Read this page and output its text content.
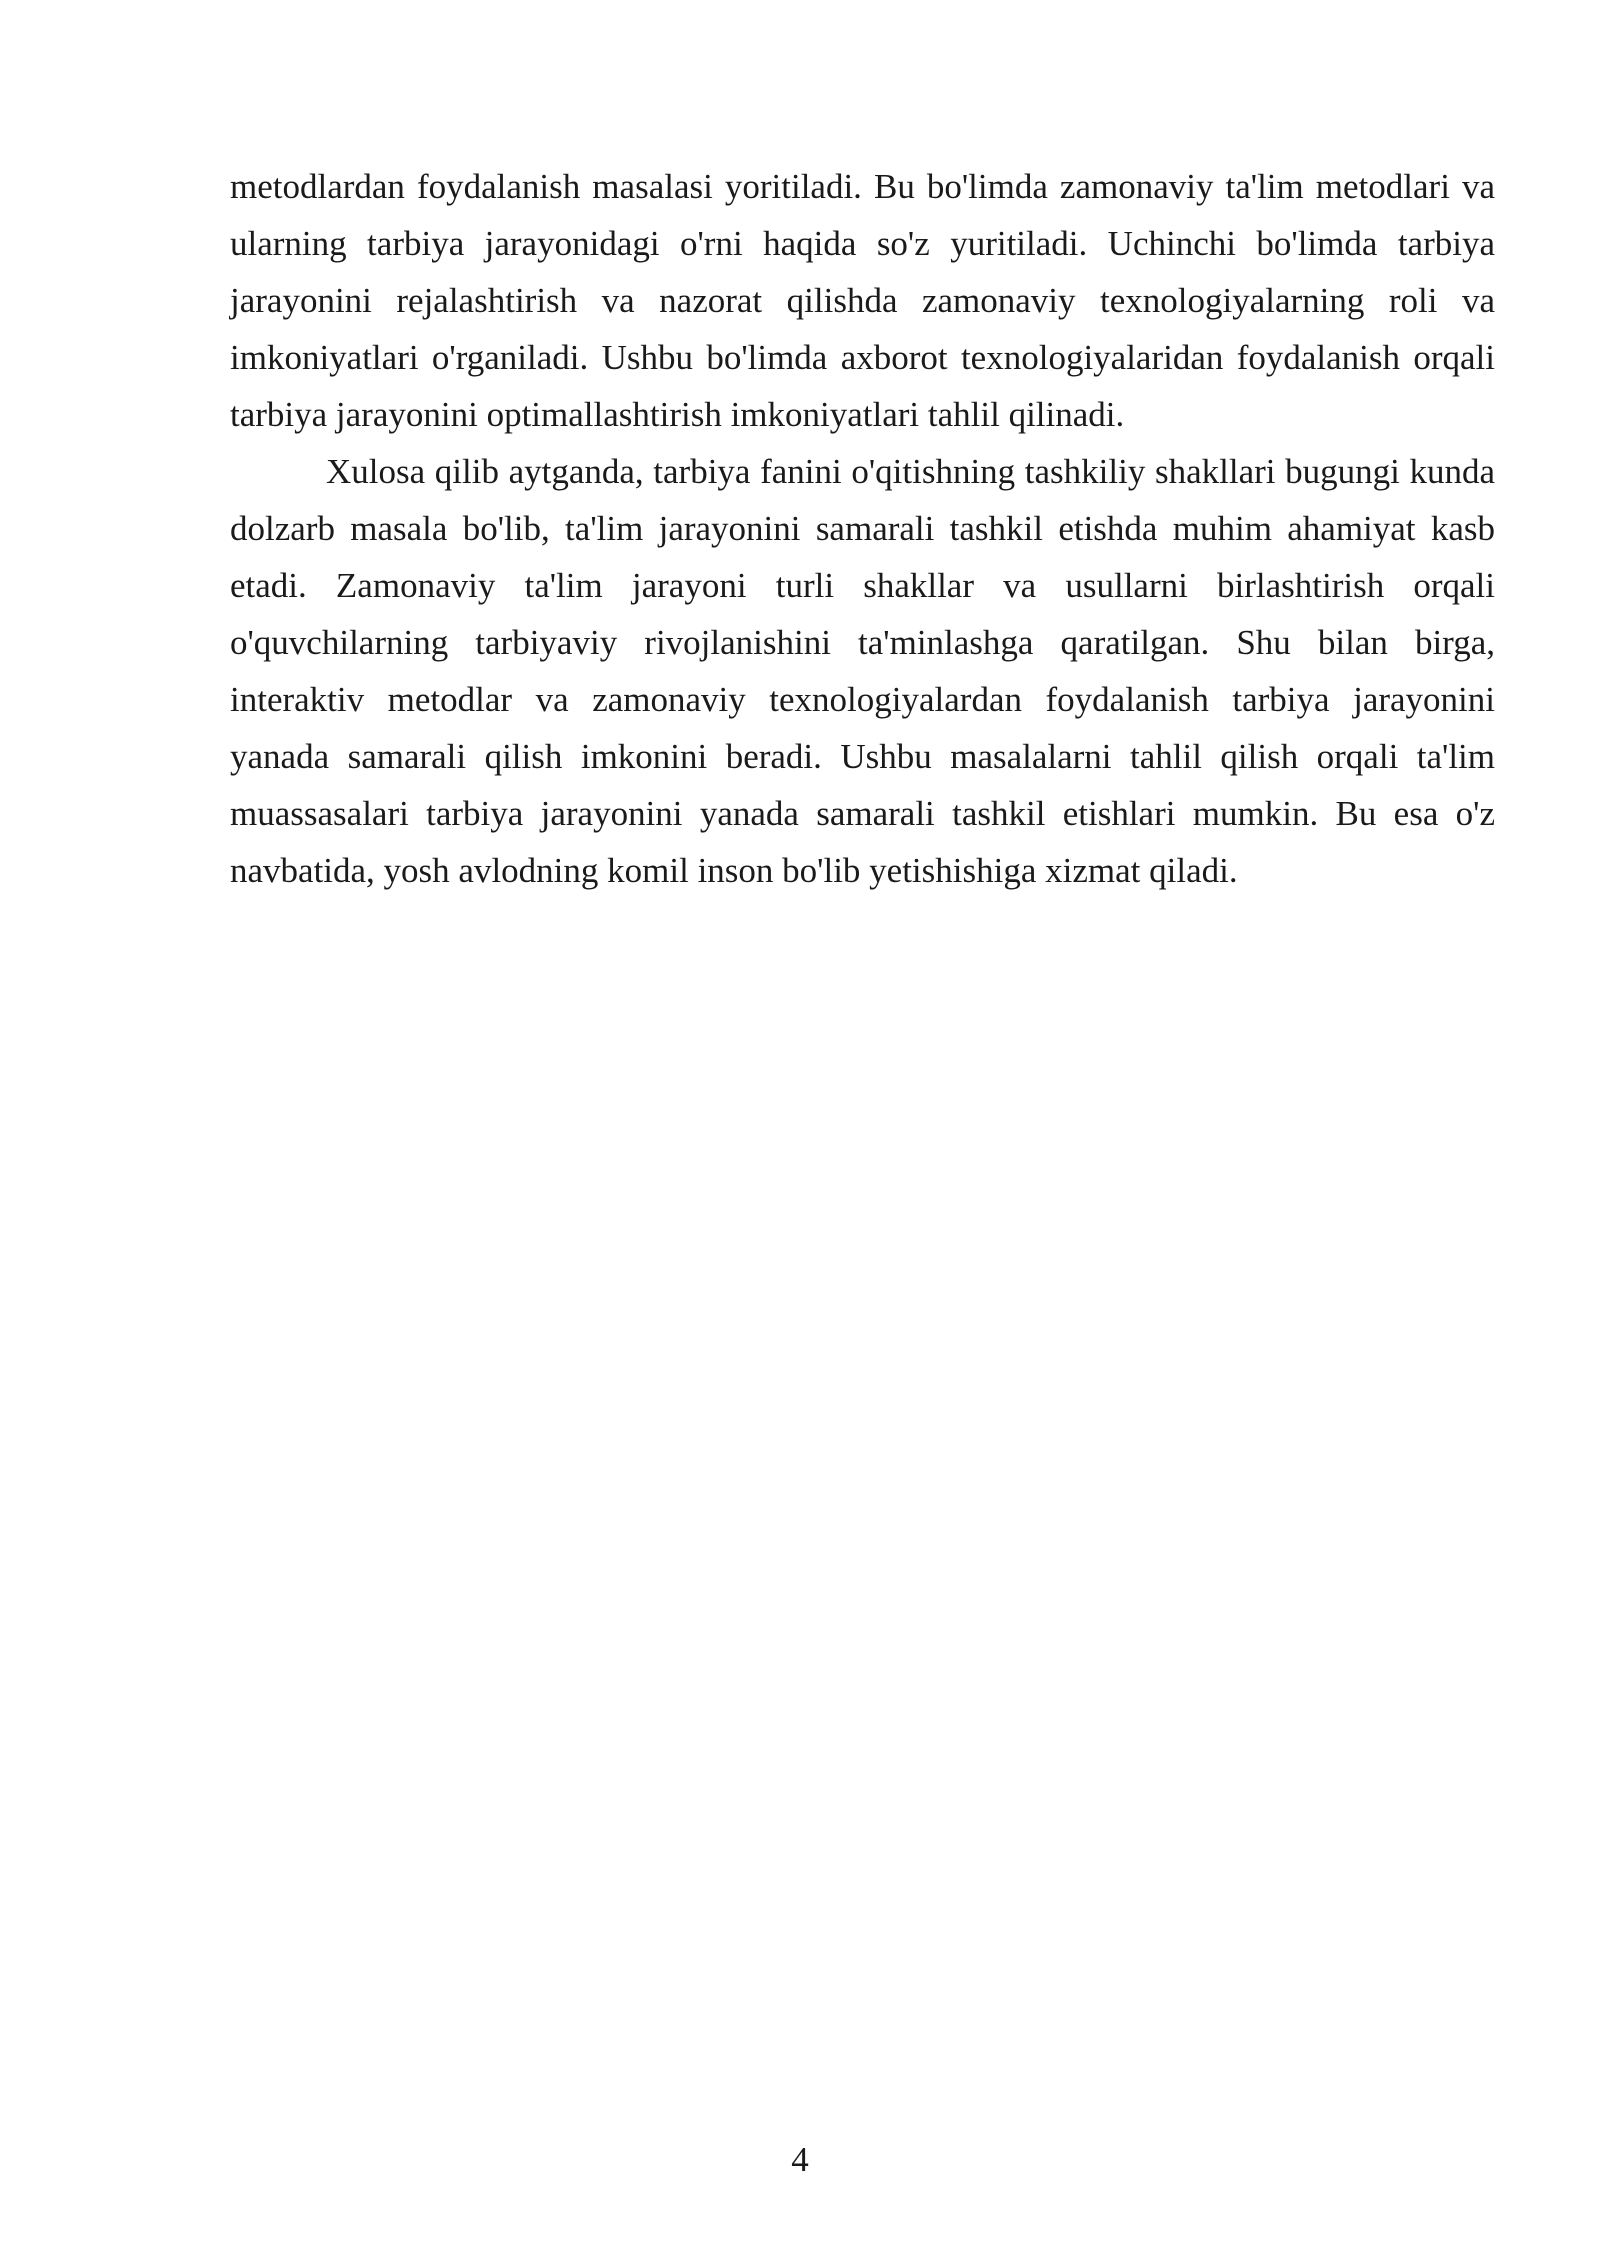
metodlardan foydalanish masalasi yoritiladi. Bu bo'limda zamonaviy ta'lim metodlari va ularning tarbiya jarayonidagi o'rni haqida so'z yuritiladi. Uchinchi bo'limda tarbiya jarayonini rejalashtirish va nazorat qilishda zamonaviy texnologiyalarning roli va imkoniyatlari o'rganiladi. Ushbu bo'limda axborot texnologiyalaridan foydalanish orqali tarbiya jarayonini optimallashtirish imkoniyatlari tahlil qilinadi.

Xulosa qilib aytganda, tarbiya fanini o'qitishning tashkiliy shakllari bugungi kunda dolzarb masala bo'lib, ta'lim jarayonini samarali tashkil etishda muhim ahamiyat kasb etadi. Zamonaviy ta'lim jarayoni turli shakllar va usullarni birlashtirish orqali o'quvchilarning tarbiyaviy rivojlanishini ta'minlashga qaratilgan. Shu bilan birga, interaktiv metodlar va zamonaviy texnologiyalardan foydalanish tarbiya jarayonini yanada samarali qilish imkonini beradi. Ushbu masalalarni tahlil qilish orqali ta'lim muassasalari tarbiya jarayonini yanada samarali tashkil etishlari mumkin. Bu esa o'z navbatida, yosh avlodning komil inson bo'lib yetishishiga xizmat qiladi.

4
